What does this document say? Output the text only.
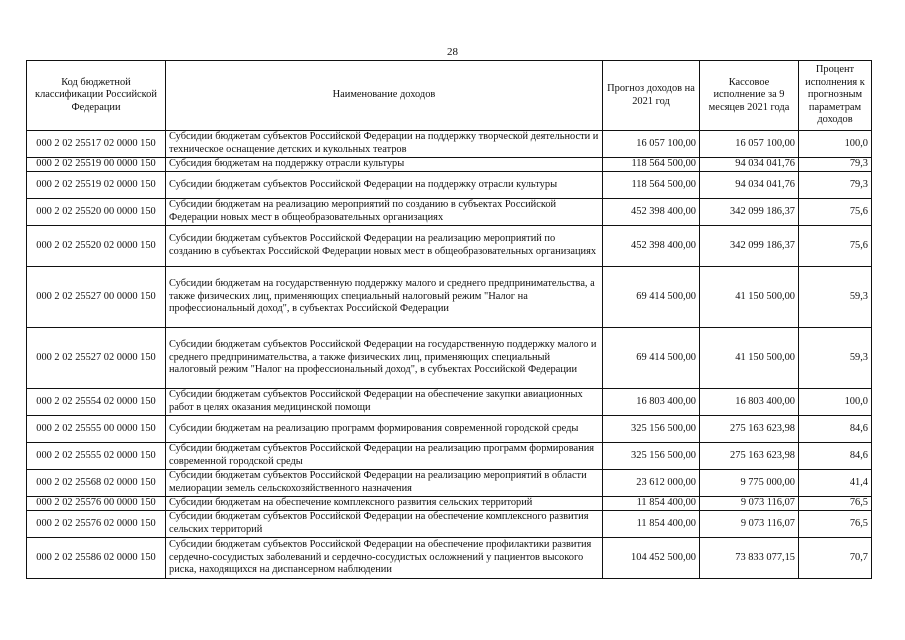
28
Код бюджетной классификации Российской Федерации	Наименование доходов	Прогноз доходов на 2021 год	Кассовое исполнение за 9 месяцев 2021 года	Процент исполнения к прогнозным параметрам доходов
000 2 02 25517 02 0000 150	Субсидии бюджетам субъектов Российской Федерации на поддержку творческой деятельности и техническое оснащение детских и кукольных театров	16 057 100,00	16 057 100,00	100,0
000 2 02 25519 00 0000 150	Субсидия бюджетам на поддержку отрасли культуры	118 564 500,00	94 034 041,76	79,3
000 2 02 25519 02 0000 150	Субсидии бюджетам субъектов Российской Федерации на поддержку отрасли культуры	118 564 500,00	94 034 041,76	79,3
000 2 02 25520 00 0000 150	Субсидии бюджетам на реализацию мероприятий по созданию в субъектах Российской Федерации новых мест в общеобразовательных организациях	452 398 400,00	342 099 186,37	75,6
000 2 02 25520 02 0000 150	Субсидии бюджетам субъектов Российской Федерации на реализацию мероприятий по созданию в субъектах Российской Федерации новых мест в общеобразовательных организациях	452 398 400,00	342 099 186,37	75,6
000 2 02 25527 00 0000 150	Субсидии бюджетам на государственную поддержку малого и среднего предпринимательства, а также физических лиц, применяющих специальный налоговый режим "Налог на профессиональный доход", в субъектах Российской Федерации	69 414 500,00	41 150 500,00	59,3
000 2 02 25527 02 0000 150	Субсидии бюджетам субъектов Российской Федерации на государственную поддержку малого и среднего предпринимательства, а также физических лиц, применяющих специальный налоговый режим "Налог на профессиональный доход", в субъектах Российской Федерации	69 414 500,00	41 150 500,00	59,3
000 2 02 25554 02 0000 150	Субсидии бюджетам субъектов Российской Федерации на обеспечение закупки авиационных работ в целях оказания медицинской помощи	16 803 400,00	16 803 400,00	100,0
000 2 02 25555 00 0000 150	Субсидии бюджетам на реализацию программ формирования современной городской среды	325 156 500,00	275 163 623,98	84,6
000 2 02 25555 02 0000 150	Субсидии бюджетам субъектов Российской Федерации на реализацию программ формирования современной городской среды	325 156 500,00	275 163 623,98	84,6
000 2 02 25568 02 0000 150	Субсидии бюджетам субъектов Российской Федерации на реализацию мероприятий в области мелиорации земель сельскохозяйственного назначения	23 612 000,00	9 775 000,00	41,4
000 2 02 25576 00 0000 150	Субсидии бюджетам на обеспечение комплексного развития сельских территорий	11 854 400,00	9 073 116,07	76,5
000 2 02 25576 02 0000 150	Субсидии бюджетам субъектов Российской Федерации на обеспечение комплексного развития сельских территорий	11 854 400,00	9 073 116,07	76,5
000 2 02 25586 02 0000 150	Субсидии бюджетам субъектов Российской Федерации на обеспечение профилактики развития сердечно-сосудистых заболеваний и сердечно-сосудистых осложнений у пациентов высокого риска, находящихся на диспансерном наблюдении	104 452 500,00	73 833 077,15	70,7
